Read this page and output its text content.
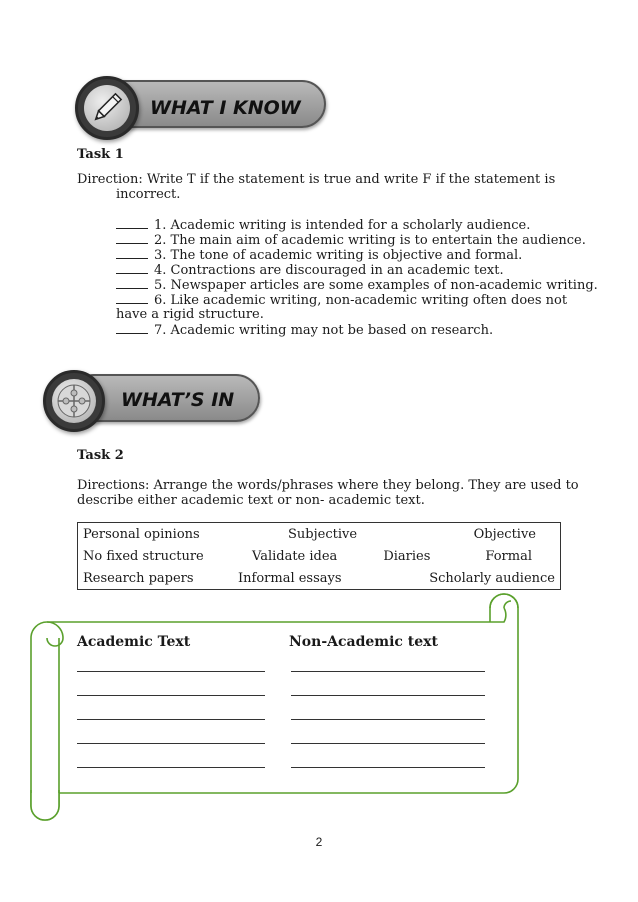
WHAT I KNOW
Task 1
Direction: Write T if the statement is true and write F if the statement is
incorrect.
1. Academic writing is intended for a scholarly audience.
2. The main aim of academic writing is to entertain the audience.
3. The tone of academic writing is objective and formal.
4. Contractions are discouraged in an academic text.
5. Newspaper articles are some examples of non-academic writing.
6. Like academic writing, non-academic writing often does not
have a rigid structure.
7. Academic writing may not be based on research.
WHAT’S IN
Task 2
Directions: Arrange the words/phrases where they belong. They are used to
describe either academic text or non- academic text.
Personal opinions	Subjective		Objective
No fixed structure	Validate idea	Diaries	Formal
Research papers	Informal essays	Scholarly audience	
Academic Text	Non-Academic text
2
